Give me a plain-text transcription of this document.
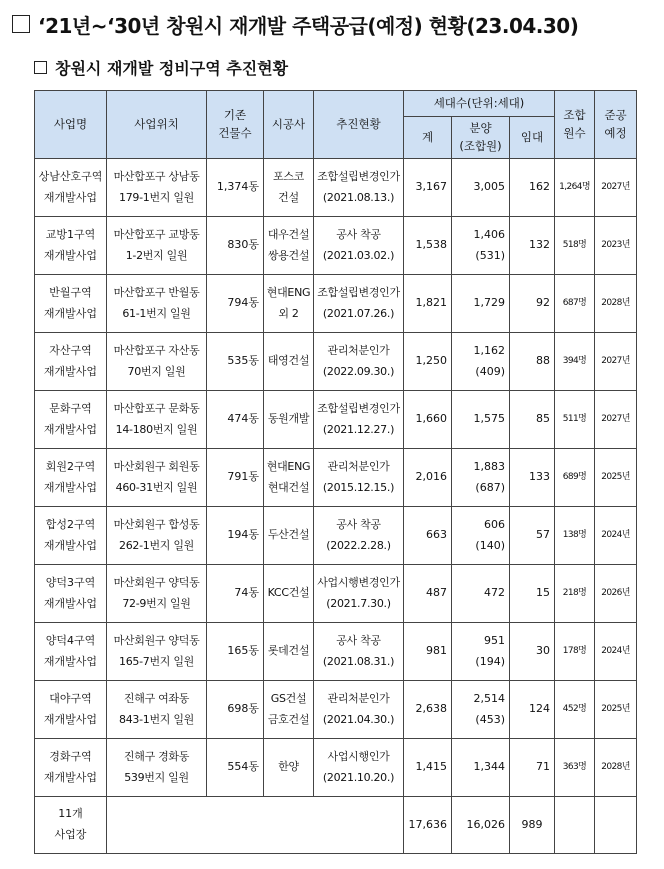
‘21년~‘30년 창원시 재개발 주택공급(예정) 현황(23.04.30)
창원시 재개발 정비구역 추진현황
사업명	사업위치	기존
건물수	시공사	추진현황	세대수(단위:세대)			조합
원수	준공
예정

					계	분양
(조합원)	임대		

상남산호구역
재개발사업	마산합포구 상남동
179-1번지 일원	1,374동	포스코
건설	조합설립변경인가
(2021.08.13.)	3,167	3,005	162	1,264명	2027년

교방1구역
재개발사업	마산합포구 교방동
1-2번지 일원	830동	대우건설
쌍용건설	공사 착공
(2021.03.02.)	1,538	1,406
(531)	132	518명	2023년

반월구역
재개발사업	마산합포구 반월동
61-1번지 일원	794동	현대ENG
외 2	조합설립변경인가
(2021.07.26.)	1,821	1,729	92	687명	2028년

자산구역
재개발사업	마산합포구 자산동
70번지 일원	535동	태영건설	관리처분인가
(2022.09.30.)	1,250	1,162
(409)	88	394명	2027년

문화구역
재개발사업	마산합포구 문화동
14-180번지 일원	474동	동원개발	조합설립변경인가
(2021.12.27.)	1,660	1,575	85	511명	2027년

회원2구역
재개발사업	마산회원구 회원동
460-31번지 일원	791동	현대ENG
현대건설	관리처분인가
(2015.12.15.)	2,016	1,883
(687)	133	689명	2025년

합성2구역
재개발사업	마산회원구 합성동
262-1번지 일원	194동	두산건설	공사 착공
(2022.2.28.)	663	606
(140)	57	138명	2024년

양덕3구역
재개발사업	마산회원구 양덕동
72-9번지 일원	74동	KCC건설	사업시행변경인가
(2021.7.30.)	487	472	15	218명	2026년

양덕4구역
재개발사업	마산회원구 양덕동
165-7번지 일원	165동	롯데건설	공사 착공
(2021.08.31.)	981	951
(194)	30	178명	2024년

대야구역
재개발사업	진해구 여좌동
843-1번지 일원	698동	GS건설
금호건설	관리처분인가
(2021.04.30.)	2,638	2,514
(453)	124	452명	2025년

경화구역
재개발사업	진해구 경화동
539번지 일원	554동	한양	사업시행인가
(2021.10.20.)	1,415	1,344	71	363명	2028년

11개
사업장					17,636	16,026	989		
